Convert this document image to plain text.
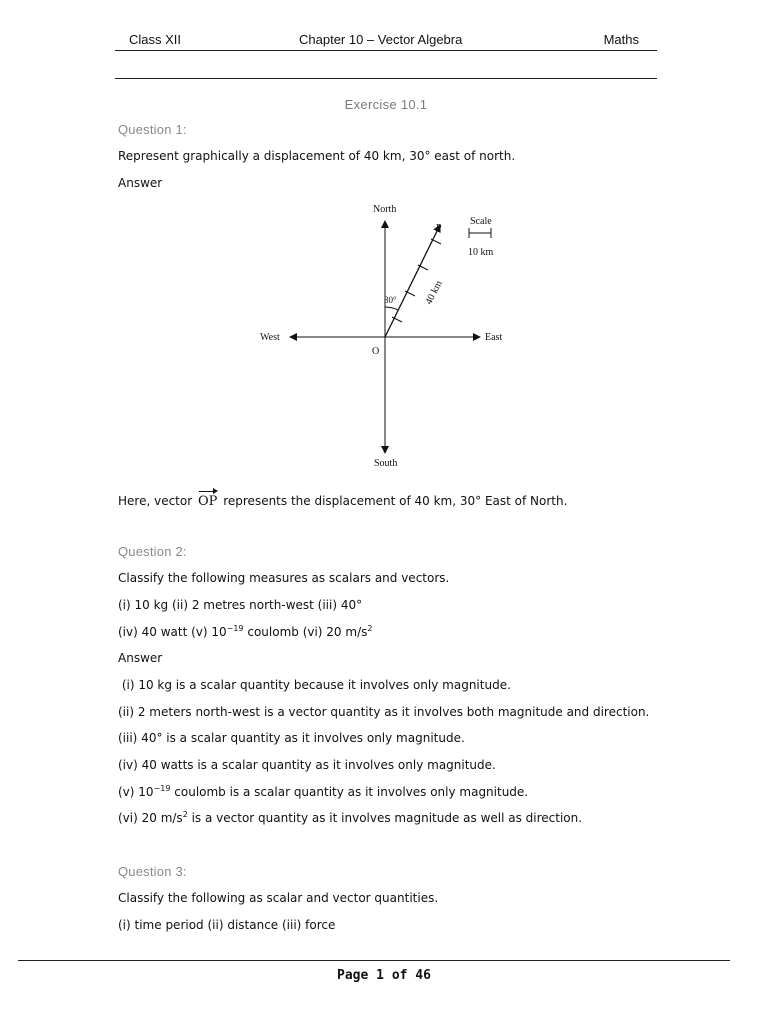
Class XII	Chapter 10 – Vector Algebra	Maths
Exercise 10.1
Question 1:
Represent graphically a displacement of 40 km, 30° east of north.
Answer
North
South
East
West
O
P
30°	40 km
Scale
10 km
Here, vector OP represents the displacement of 40 km, 30° East of North.
Question 2:
Classify the following measures as scalars and vectors.
(i) 10 kg (ii) 2 metres north-west (iii) 40°
(iv) 40 watt (v) $10^{-19}$ coulomb (vi) 20 $m/s^2$
Answer
(i) 10 kg is a scalar quantity because it involves only magnitude.
(ii) 2 meters north-west is a vector quantity as it involves both magnitude and direction.
(iii) 40° is a scalar quantity as it involves only magnitude.
(iv) 40 watts is a scalar quantity as it involves only magnitude.
(v) $10^{-19}$ coulomb is a scalar quantity as it involves only magnitude.
(vi) 20 $m/s^2$ is a vector quantity as it involves magnitude as well as direction.
Question 3:
Classify the following as scalar and vector quantities.
(i) time period (ii) distance (iii) force
Page 1 of 46
